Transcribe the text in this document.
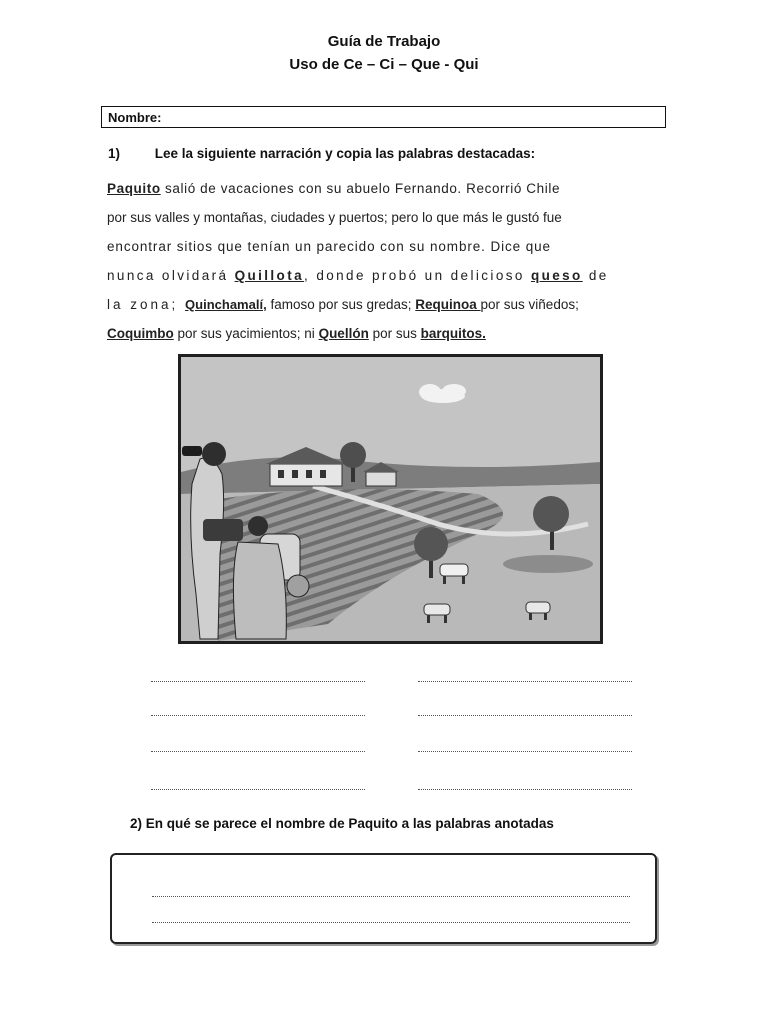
Guía de Trabajo
Uso de Ce – Ci – Que - Qui
Nombre:
1)	Lee la siguiente narración y copia las palabras destacadas:
Paquito salió de vacaciones con su abuelo Fernando. Recorrió Chile
por sus valles y montañas, ciudades y puertos; pero lo que más le gustó fue
encontrar sitios que tenían un parecido con su nombre. Dice que
nunca olvidará Quillota, donde probó un delicioso queso de
la zona; Quinchamalí, famoso por sus gredas; Requinoa por sus viñedos;
Coquimbo por sus yacimientos; ni Quellón por sus barquitos.
2) En qué se parece el nombre de Paquito a las palabras anotadas
